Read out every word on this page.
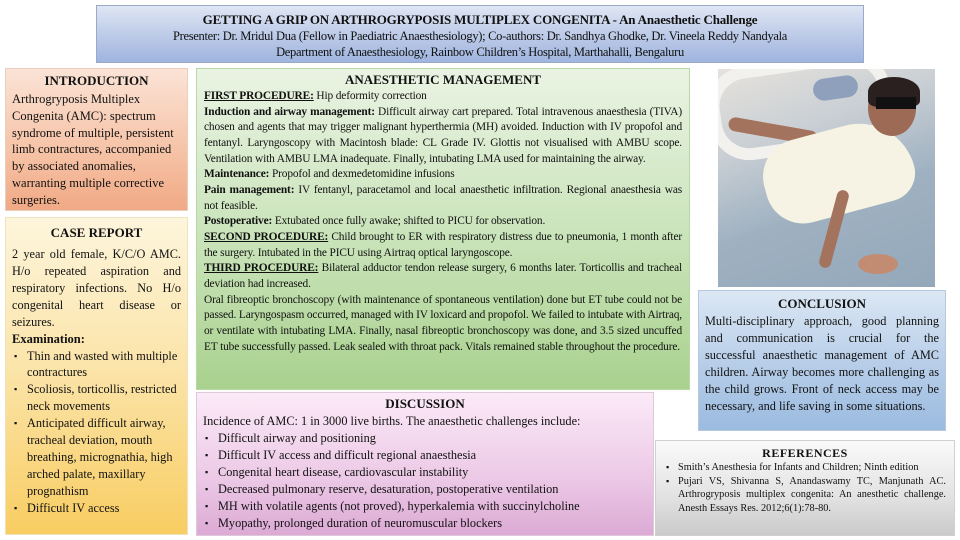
GETTING A GRIP ON ARTHROGRYPOSIS MULTIPLEX CONGENITA - An Anaesthetic Challenge
Presenter: Dr. Mridul Dua (Fellow in Paediatric Anaesthesiology); Co-authors: Dr. Sandhya Ghodke, Dr. Vineela Reddy Nandyala
Department of Anaesthesiology, Rainbow Children’s Hospital, Marthahalli, Bengaluru
INTRODUCTION

Arthrogryposis Multiplex Congenita (AMC): spectrum syndrome of multiple, persistent limb contractures, accompanied by associated anomalies, warranting multiple corrective surgeries.

CASE REPORT

2 year old female, K/C/O AMC. H/o repeated aspiration and respiratory infections. No H/o congenital heart disease or seizures.

Examination:
▪ Thin and wasted with multiple contractures
▪ Scoliosis, torticollis, restricted neck movements
▪ Anticipated difficult airway, tracheal deviation, mouth breathing, micrognathia, high arched palate, maxillary prognathism
▪ Difficult IV access
ANAESTHETIC MANAGEMENT
FIRST PROCEDURE: Hip deformity correction
Induction and airway management: Difficult airway cart prepared. Total intravenous anaesthesia (TIVA) chosen and agents that may trigger malignant hyperthermia (MH) avoided. Induction with IV propofol and fentanyl. Laryngoscopy with Macintosh blade: CL Grade IV. Glottis not visualised with AMBU scope. Ventilation with AMBU LMA inadequate. Finally, intubating LMA used for maintaining the airway.
Maintenance: Propofol and dexmedetomidine infusions
Pain management: IV fentanyl, paracetamol and local anaesthetic infiltration. Regional anaesthesia was not feasible.
Postoperative: Extubated once fully awake; shifted to PICU for observation.
SECOND PROCEDURE: Child brought to ER with respiratory distress due to pneumonia, 1 month after the surgery. Intubated in the PICU using Airtraq optical laryngoscope.
THIRD PROCEDURE: Bilateral adductor tendon release surgery, 6 months later. Torticollis and tracheal deviation had increased.
Oral fibreoptic bronchoscopy (with maintenance of spontaneous ventilation) done but ET tube could not be passed. Laryngospasm occurred, managed with IV loxicard and propofol. We failed to intubate with Airtraq, or ventilate with intubating LMA. Finally, nasal fibreoptic bronchoscopy was done, and 3.5 sized uncuffed ET tube successfully passed. Leak sealed with throat pack. Vitals remained stable throughout the procedure.
DISCUSSION

Incidence of AMC: 1 in 3000 live births. The anaesthetic challenges include:

▪ Difficult airway and positioning
▪ Difficult IV access and difficult regional anaesthesia
▪ Congenital heart disease, cardiovascular instability
▪ Decreased pulmonary reserve, desaturation, postoperative ventilation
▪ MH with volatile agents (not proved), hyperkalemia with succinylcholine
▪ Myopathy, prolonged duration of neuromuscular blockers
CONCLUSION

Multi-disciplinary approach, good planning and communication is crucial for the successful anaesthetic management of AMC children. Airway becomes more challenging as the child grows. Front of neck access may be necessary, and life saving in some situations.

REFERENCES
▪ Smith’s Anesthesia for Infants and Children; Ninth edition
▪ Pujari VS, Shivanna S, Anandaswamy TC, Manjunath AC. Arthrogryposis multiplex congenita: An anesthetic challenge. Anesth Essays Res. 2012;6(1):78-80.
